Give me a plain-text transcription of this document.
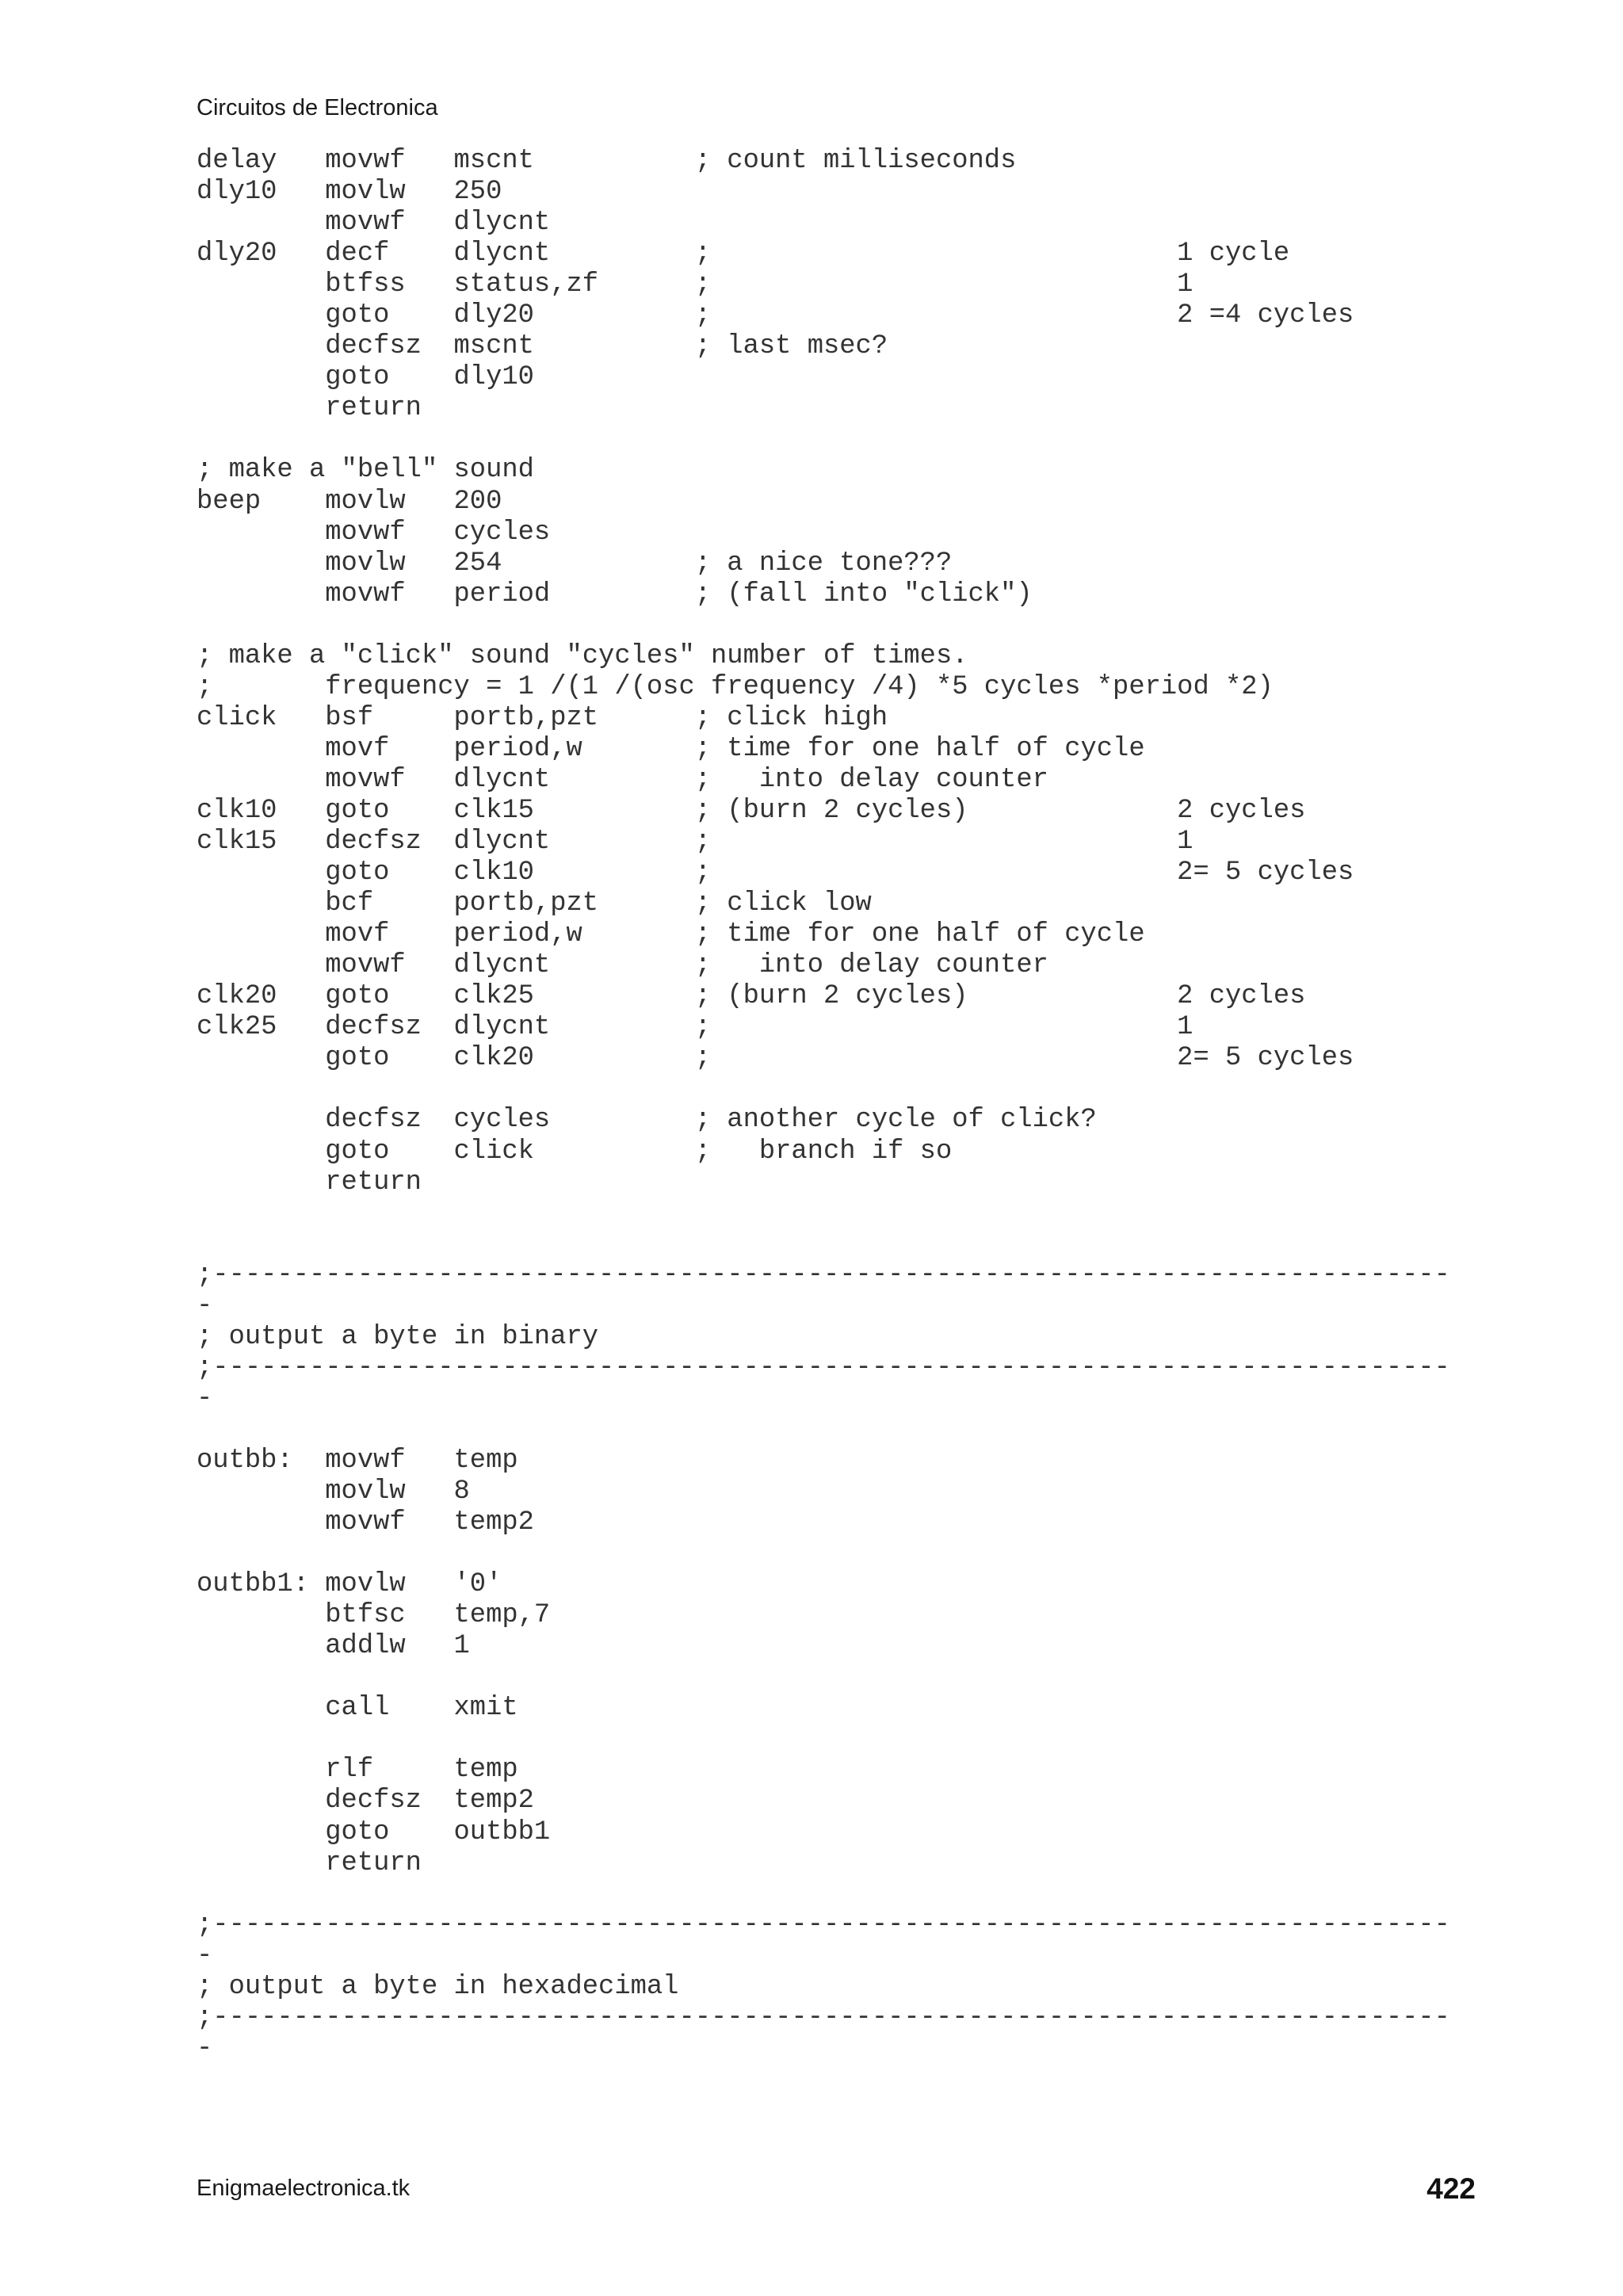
Circuitos de Electronica
delay   movwf   mscnt          ; count milliseconds
dly10   movlw   250
movwf   dlycnt
dly20   decf    dlycnt         ;                             1 cycle
btfss   status,zf      ;                             1
goto    dly20          ;                             2 =4 cycles
decfsz  mscnt          ; last msec?
goto    dly10
return
; make a "bell" sound
beep    movlw   200
movwf   cycles
movlw   254            ; a nice tone???
movwf   period         ; (fall into "click")
; make a "click" sound "cycles" number of times.
;       frequency = 1 /(1 /(osc frequency /4) *5 cycles *period *2)
click   bsf     portb,pzt      ; click high
movf    period,w       ; time for one half of cycle
movwf   dlycnt         ;   into delay counter
clk10   goto    clk15          ; (burn 2 cycles)             2 cycles
clk15   decfsz  dlycnt         ;                             1
goto    clk10          ;                             2= 5 cycles
bcf     portb,pzt      ; click low
movf    period,w       ; time for one half of cycle
movwf   dlycnt         ;   into delay counter
clk20   goto    clk25          ; (burn 2 cycles)             2 cycles
clk25   decfsz  dlycnt         ;                             1
goto    clk20          ;                             2= 5 cycles
decfsz  cycles         ; another cycle of click?
goto    click          ;   branch if so
return
;-----------------------------------------------------------------------------
-
; output a byte in binary
;-----------------------------------------------------------------------------
-
outbb:  movwf   temp
movlw   8
movwf   temp2
outbb1: movlw   '0'
btfsc   temp,7
addlw   1
call    xmit
rlf     temp
decfsz  temp2
goto    outbb1
return
;-----------------------------------------------------------------------------
-
; output a byte in hexadecimal
;-----------------------------------------------------------------------------
-
Enigmaelectronica.tk	422
